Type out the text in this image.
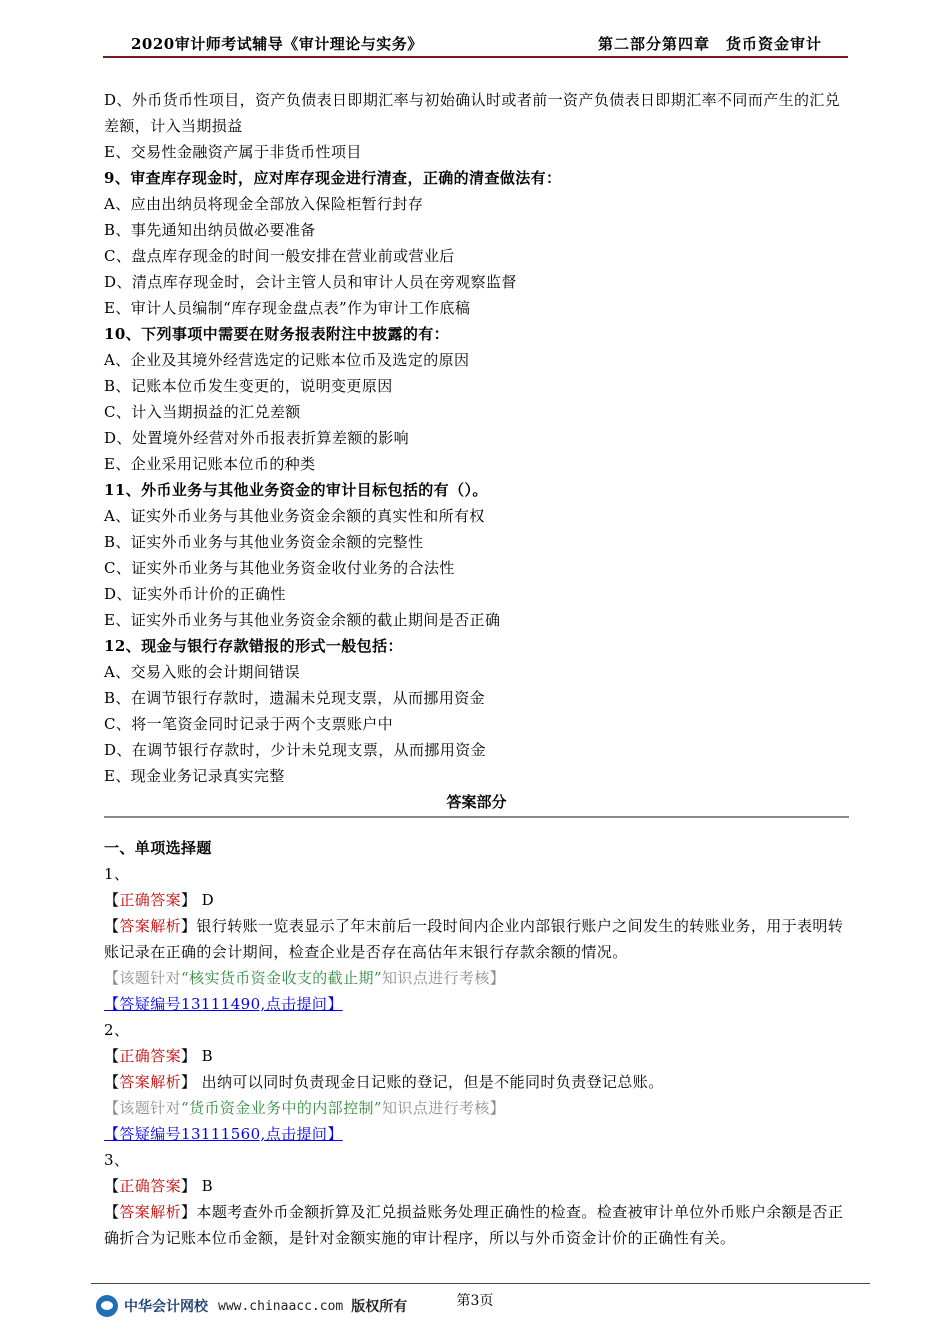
2020审计师考试辅导《审计理论与实务》	第二部分第四章　货币资金审计
D、外币货币性项目，资产负债表日即期汇率与初始确认时或者前一资产负债表日即期汇率不同而产生的汇兑差额，计入当期损益
E、交易性金融资产属于非货币性项目
9、审查库存现金时，应对库存现金进行清查，正确的清查做法有：
A、应由出纳员将现金全部放入保险柜暂行封存
B、事先通知出纳员做必要准备
C、盘点库存现金的时间一般安排在营业前或营业后
D、清点库存现金时，会计主管人员和审计人员在旁观察监督
E、审计人员编制“库存现金盘点表”作为审计工作底稿
10、下列事项中需要在财务报表附注中披露的有：
A、企业及其境外经营选定的记账本位币及选定的原因
B、记账本位币发生变更的，说明变更原因
C、计入当期损益的汇兑差额
D、处置境外经营对外币报表折算差额的影响
E、企业采用记账本位币的种类
11、外币业务与其他业务资金的审计目标包括的有（）。
A、证实外币业务与其他业务资金余额的真实性和所有权
B、证实外币业务与其他业务资金余额的完整性
C、证实外币业务与其他业务资金收付业务的合法性
D、证实外币计价的正确性
E、证实外币业务与其他业务资金余额的截止期间是否正确
12、现金与银行存款错报的形式一般包括：
A、交易入账的会计期间错误
B、在调节银行存款时，遗漏未兑现支票，从而挪用资金
C、将一笔资金同时记录于两个支票账户中
D、在调节银行存款时，少计未兑现支票，从而挪用资金
E、现金业务记录真实完整
答案部分
一、单项选择题
1、
【正确答案】 D
【答案解析】银行转账一览表显示了年末前后一段时间内企业内部银行账户之间发生的转账业务，用于表明转账记录在正确的会计期间，检查企业是否存在高估年末银行存款余额的情况。
【该题针对“核实货币资金收支的截止期”知识点进行考核】
【答疑编号13111490,点击提问】
2、
【正确答案】 B
【答案解析】 出纳可以同时负责现金日记账的登记，但是不能同时负责登记总账。
【该题针对“货币资金业务中的内部控制”知识点进行考核】
【答疑编号13111560,点击提问】
3、
【正确答案】 B
【答案解析】本题考查外币金额折算及汇兑损益账务处理正确性的检查。检查被审计单位外币账户余额是否正确折合为记账本位币金额，是针对金额实施的审计程序，所以与外币资金计价的正确性有关。
第3页
中华会计网校 www.chinaacc.com 版权所有
